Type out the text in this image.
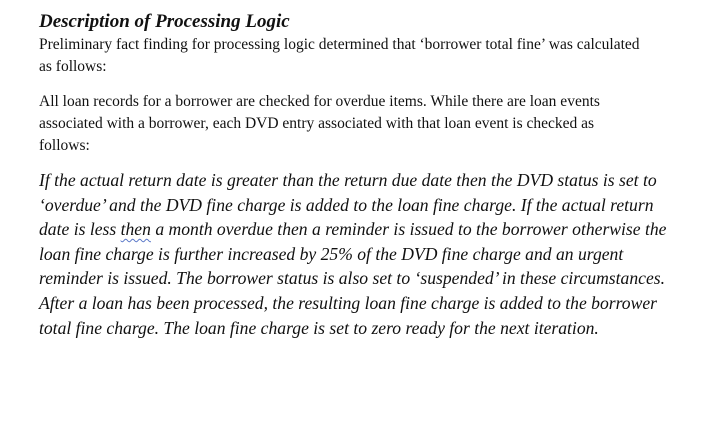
Description of Processing Logic

Preliminary fact finding for processing logic determined that ‘borrower total fine’ was calculated
as follows:

All loan records for a borrower are checked for overdue items. While there are loan events
associated with a borrower, each DVD entry associated with that loan event is checked as
follows:

If the actual return date is greater than the return due date then the DVD status is set to
‘overdue’ and the DVD fine charge is added to the loan fine charge. If the actual return
date is less then a month overdue then a reminder is issued to the borrower otherwise the
loan fine charge is further increased by 25% of the DVD fine charge and an urgent
reminder is issued. The borrower status is also set to ‘suspended’ in these circumstances.
After a loan has been processed, the resulting loan fine charge is added to the borrower
total fine charge. The loan fine charge is set to zero ready for the next iteration.
